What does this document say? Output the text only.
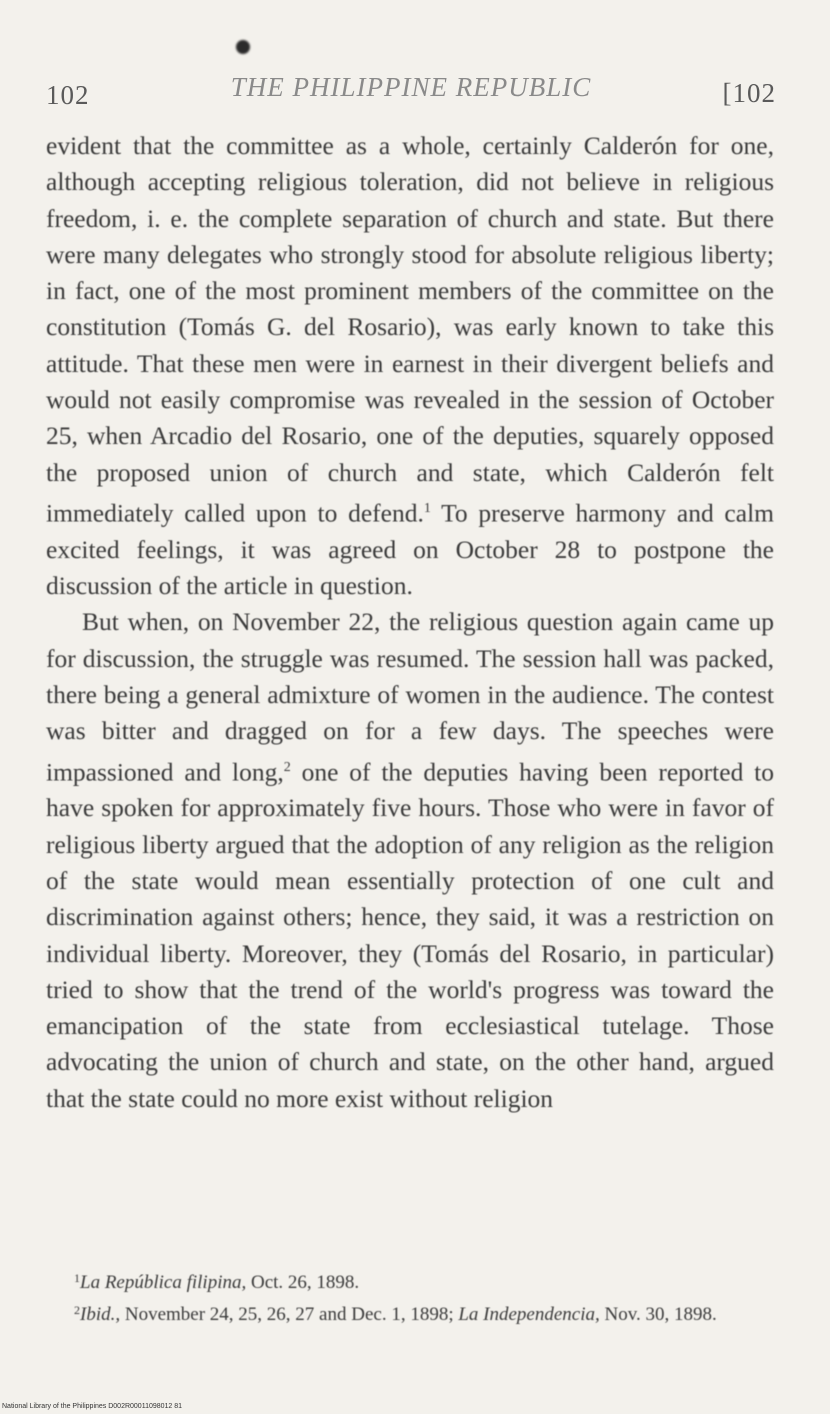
102	THE PHILIPPINE REPUBLIC	[102

evident that the committee as a whole, certainly Calderón for one, although accepting religious toleration, did not believe in religious freedom, i. e. the complete separation of church and state. But there were many delegates who strongly stood for absolute religious liberty; in fact, one of the most prominent members of the committee on the constitution (Tomás G. del Rosario), was early known to take this attitude. That these men were in earnest in their divergent beliefs and would not easily compromise was revealed in the session of October 25, when Arcadio del Rosario, one of the deputies, squarely opposed the proposed union of church and state, which Calderón felt immediately called upon to defend.$^1$ To preserve harmony and calm excited feelings, it was agreed on October 28 to postpone the discussion of the article in question.

But when, on November 22, the religious question again came up for discussion, the struggle was resumed. The session hall was packed, there being a general admixture of women in the audience. The contest was bitter and dragged on for a few days. The speeches were impassioned and long,$^2$ one of the deputies having been reported to have spoken for approximately five hours. Those who were in favor of religious liberty argued that the adoption of any religion as the religion of the state would mean essentially protection of one cult and discrimination against others; hence, they said, it was a restriction on individual liberty. Moreover, they (Tomás del Rosario, in particular) tried to show that the trend of the world's progress was toward the emancipation of the state from ecclesiastical tutelage. Those advocating the union of church and state, on the other hand, argued that the state could no more exist without religion

$^1$La República filipina, Oct. 26, 1898.

$^2$Ibid., November 24, 25, 26, 27 and Dec. 1, 1898; La Independencia, Nov. 30, 1898.

National Library of the Philippines D002R00011098012 81
